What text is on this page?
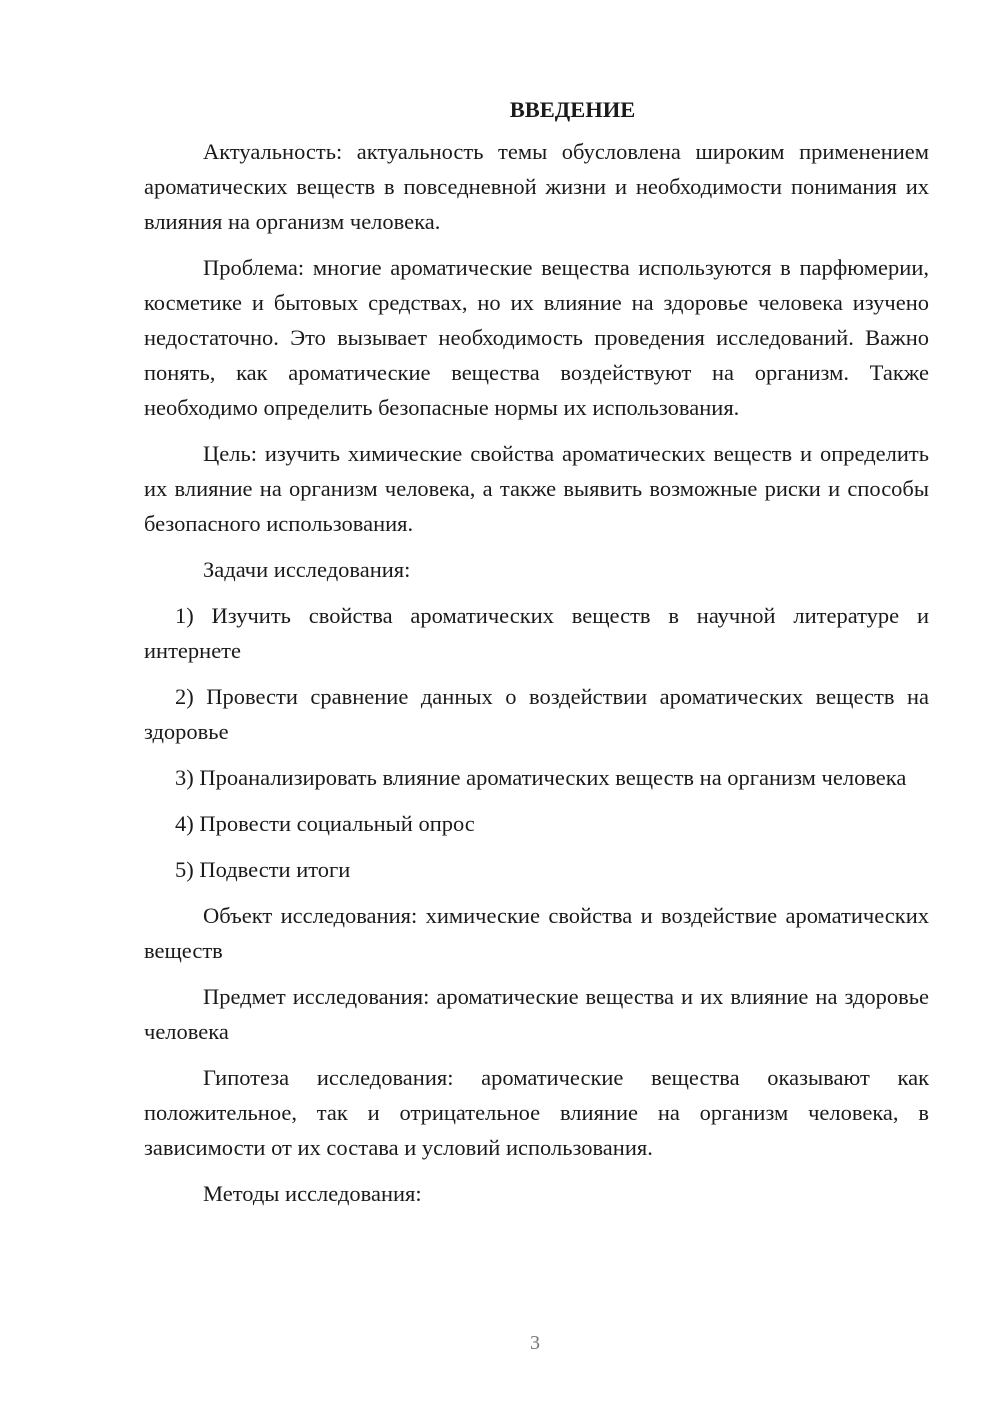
ВВЕДЕНИЕ

Актуальность: актуальность темы обусловлена широким применением ароматических веществ в повседневной жизни и необходимости понимания их влияния на организм человека.

Проблема: многие ароматические вещества используются в парфюмерии, косметике и бытовых средствах, но их влияние на здоровье человека изучено недостаточно. Это вызывает необходимость проведения исследований. Важно понять, как ароматические вещества воздействуют на организм. Также необходимо определить безопасные нормы их использования.

Цель: изучить химические свойства ароматических веществ и определить их влияние на организм человека, а также выявить возможные риски и способы безопасного использования.

Задачи исследования:

1) Изучить свойства ароматических веществ в научной литературе и интернете

2) Провести сравнение данных о воздействии ароматических веществ на здоровье

3) Проанализировать влияние ароматических веществ на организм человека

4) Провести социальный опрос

5) Подвести итоги

Объект исследования: химические свойства и воздействие ароматических веществ

Предмет исследования: ароматические вещества и их влияние на здоровье человека

Гипотеза исследования: ароматические вещества оказывают как положительное, так и отрицательное влияние на организм человека, в зависимости от их состава и условий использования.

Методы исследования:

3
